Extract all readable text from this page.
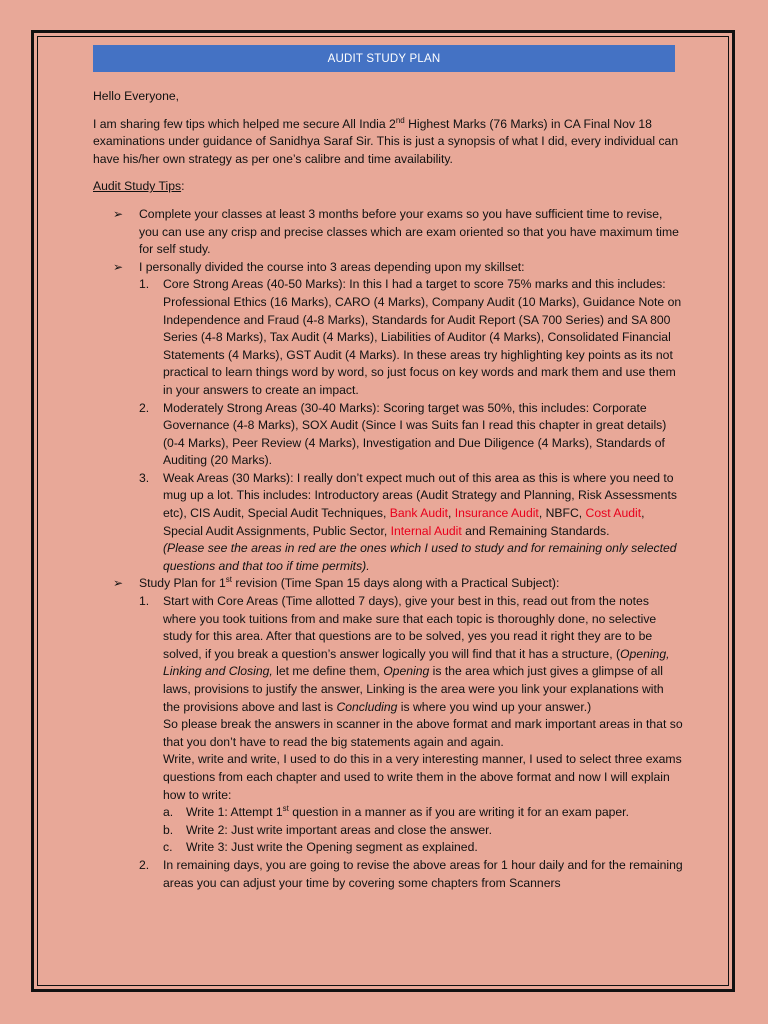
AUDIT STUDY PLAN

Hello Everyone,

I am sharing few tips which helped me secure All India 2nd Highest Marks (76 Marks) in CA Final Nov 18 examinations under guidance of Sanidhya Saraf Sir. This is just a synopsis of what I did, every individual can have his/her own strategy as per one’s calibre and time availability.

Audit Study Tips:

➢ Complete your classes at least 3 months before your exams so you have sufficient time to revise, you can use any crisp and precise classes which are exam oriented so that you have maximum time for self study.
➢ I personally divided the course into 3 areas depending upon my skillset:
1. Core Strong Areas (40-50 Marks): In this I had a target to score 75% marks and this includes: Professional Ethics (16 Marks), CARO (4 Marks), Company Audit (10 Marks), Guidance Note on Independence and Fraud (4-8 Marks), Standards for Audit Report (SA 700 Series) and SA 800 Series (4-8 Marks), Tax Audit (4 Marks), Liabilities of Auditor (4 Marks), Consolidated Financial Statements (4 Marks), GST Audit (4 Marks). In these areas try highlighting key points as its not practical to learn things word by word, so just focus on key words and mark them and use them in your answers to create an impact.
2. Moderately Strong Areas (30-40 Marks): Scoring target was 50%, this includes: Corporate Governance (4-8 Marks), SOX Audit (Since I was Suits fan I read this chapter in great details) (0-4 Marks), Peer Review (4 Marks), Investigation and Due Diligence (4 Marks), Standards of Auditing (20 Marks).
3. Weak Areas (30 Marks): I really don’t expect much out of this area as this is where you need to mug up a lot. This includes: Introductory areas (Audit Strategy and Planning, Risk Assessments etc), CIS Audit, Special Audit Techniques, Bank Audit, Insurance Audit, NBFC, Cost Audit, Special Audit Assignments, Public Sector, Internal Audit and Remaining Standards.
(Please see the areas in red are the ones which I used to study and for remaining only selected questions and that too if time permits).
➢ Study Plan for 1st revision (Time Span 15 days along with a Practical Subject):
1. Start with Core Areas (Time allotted 7 days), give your best in this, read out from the notes where you took tuitions from and make sure that each topic is thoroughly done, no selective study for this area. After that questions are to be solved, yes you read it right they are to be solved, if you break a question’s answer logically you will find that it has a structure, (Opening, Linking and Closing, let me define them, Opening is the area which just gives a glimpse of all laws, provisions to justify the answer, Linking is the area were you link your explanations with the provisions above and last is Concluding is where you wind up your answer.)

So please break the answers in scanner in the above format and mark important areas in that so that you don’t have to read the big statements again and again.

Write, write and write, I used to do this in a very interesting manner, I used to select three exams questions from each chapter and used to write them in the above format and now I will explain how to write:

a. Write 1: Attempt 1st question in a manner as if you are writing it for an exam paper.
b. Write 2: Just write important areas and close the answer.
c. Write 3: Just write the Opening segment as explained.
2. In remaining days, you are going to revise the above areas for 1 hour daily and for the remaining areas you can adjust your time by covering some chapters from Scanners
